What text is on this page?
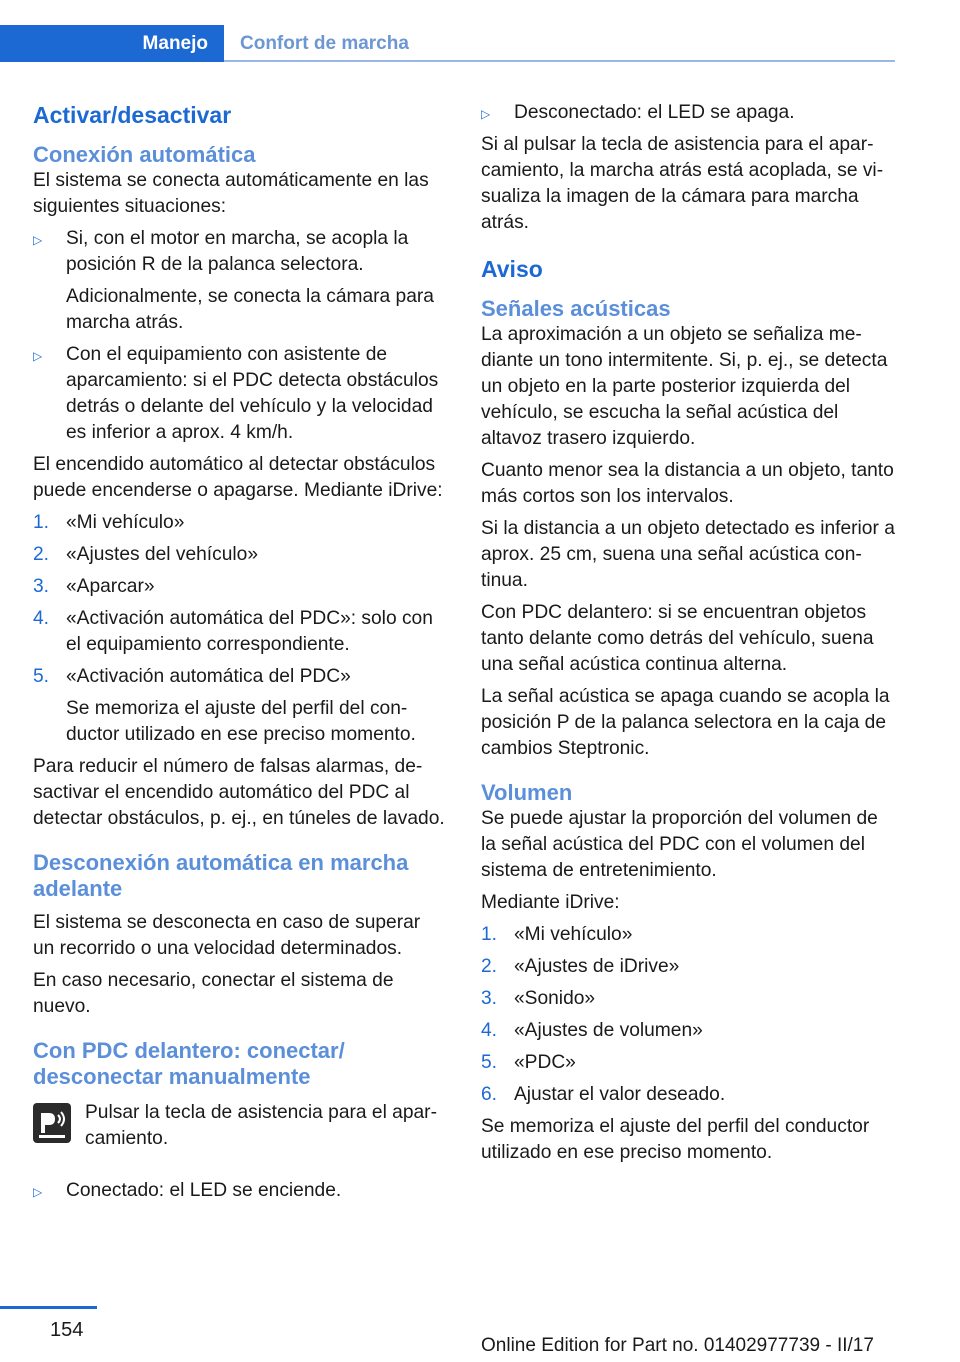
Manejo Confort de marcha
Activar/desactivar
Conexión automática

El sistema se conecta automáticamente en las siguientes situaciones:

▷ Si, con el motor en marcha, se acopla la posición R de la palanca selectora.

Adicionalmente, se conecta la cámara para marcha atrás.

▷ Con el equipamiento con asistente de aparcamiento: si el PDC detecta obstáculos detrás o delante del vehículo y la velocidad es inferior a aprox. 4 km/h.

El encendido automático al detectar obstáculos puede encenderse o apagarse. Mediante iDrive:

1. «Mi vehículo»
2. «Ajustes del vehículo»
3. «Aparcar»
4. «Activación automática del PDC»: solo con el equipamiento correspondiente.
5. «Activación automática del PDC»

Se memoriza el ajuste del perfil del conductor utilizado en ese preciso momento.

Para reducir el número de falsas alarmas, desactivar el encendido automático del PDC al detectar obstáculos, p. ej., en túneles de lavado.

Desconexión automática en marcha adelante

El sistema se desconecta en caso de superar un recorrido o una velocidad determinados.

En caso necesario, conectar el sistema de nuevo.

Con PDC delantero: conectar/ desconectar manualmente
Pulsar la tecla de asistencia para el aparcamiento.
▷ Conectado: el LED se enciende.
▷ Desconectado: el LED se apaga.

Si al pulsar la tecla de asistencia para el aparcamiento, la marcha atrás está acoplada, se visualiza la imagen de la cámara para marcha atrás.

Aviso
Señales acústicas

La aproximación a un objeto se señaliza mediante un tono intermitente. Si, p. ej., se detecta un objeto en la parte posterior izquierda del vehículo, se escucha la señal acústica del altavoz trasero izquierdo.

Cuanto menor sea la distancia a un objeto, tanto más cortos son los intervalos.

Si la distancia a un objeto detectado es inferior a aprox. 25 cm, suena una señal acústica continua.

Con PDC delantero: si se encuentran objetos tanto delante como detrás del vehículo, suena una señal acústica continua alterna.

La señal acústica se apaga cuando se acopla la posición P de la palanca selectora en la caja de cambios Steptronic.

Volumen

Se puede ajustar la proporción del volumen de la señal acústica del PDC con el volumen del sistema de entretenimiento.

Mediante iDrive:

1. «Mi vehículo»
2. «Ajustes de iDrive»
3. «Sonido»
4. «Ajustes de volumen»
5. «PDC»
6. Ajustar el valor deseado.

Se memoriza el ajuste del perfil del conductor utilizado en ese preciso momento.

154
Online Edition for Part no. 01402977739 - II/17
